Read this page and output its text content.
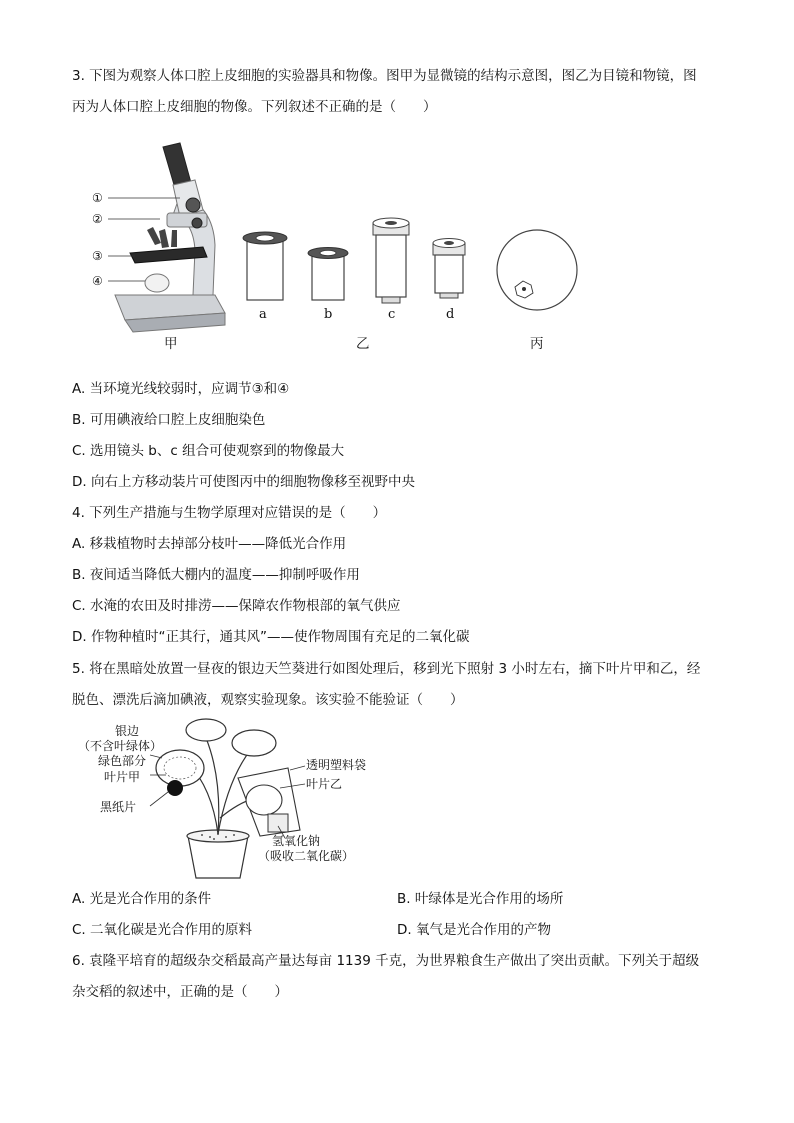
3. 下图为观察人体口腔上皮细胞的实验器具和物像。图甲为显微镜的结构示意图，图乙为目镜和物镜，图
丙为人体口腔上皮细胞的物像。下列叙述不正确的是（　　）
①
②
③
④
a	b	c	d
甲	乙	丙
A. 当环境光线较弱时，应调节③和④
B. 可用碘液给口腔上皮细胞染色
C. 选用镜头 b、c 组合可使观察到的物像最大
D. 向右上方移动装片可使图丙中的细胞物像移至视野中央
4. 下列生产措施与生物学原理对应错误的是（　　）
A. 移栽植物时去掉部分枝叶——降低光合作用
B. 夜间适当降低大棚内的温度——抑制呼吸作用
C. 水淹的农田及时排涝——保障农作物根部的氧气供应
D. 作物种植时“正其行，通其风”——使作物周围有充足的二氧化碳
5. 将在黑暗处放置一昼夜的银边天竺葵进行如图处理后，移到光下照射 3 小时左右，摘下叶片甲和乙，经
脱色、漂洗后滴加碘液，观察实验现象。该实验不能验证（　　）
银边
（不含叶绿体）
绿色部分
叶片甲
黑纸片
透明塑料袋
叶片乙
氢氧化钠
（吸收二氧化碳）
A. 光是光合作用的条件	B. 叶绿体是光合作用的场所
C. 二氧化碳是光合作用的原料	D. 氧气是光合作用的产物
6. 袁隆平培育的超级杂交稻最高产量达每亩 1139 千克，为世界粮食生产做出了突出贡献。下列关于超级
杂交稻的叙述中，正确的是（　　）
